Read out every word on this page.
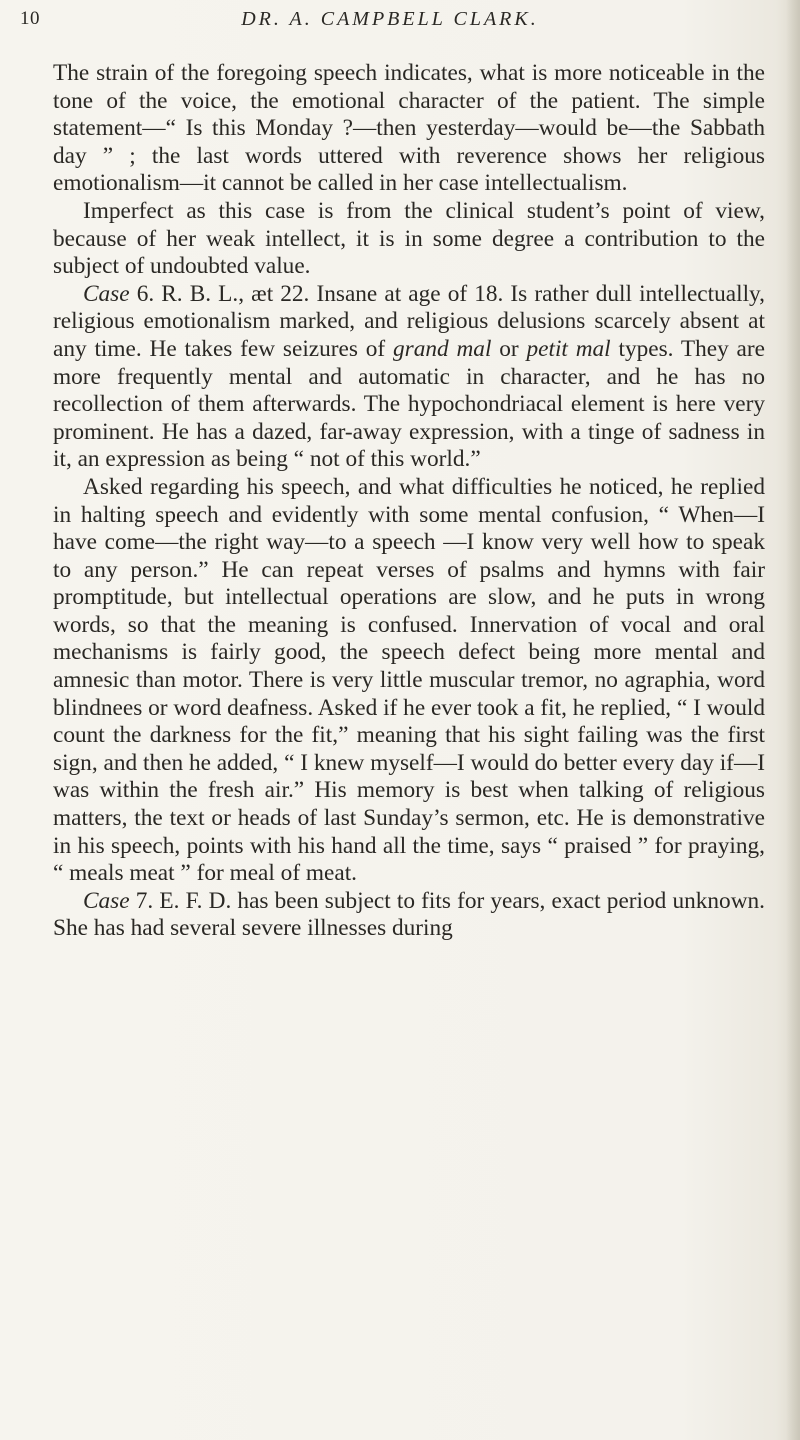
10	DR. A. CAMPBELL CLARK.

The strain of the foregoing speech indicates, what is more noticeable in the tone of the voice, the emotional character of the patient. The simple statement—“ Is this Monday ?—then yesterday—would be—the Sabbath day ” ; the last words uttered with reverence shows her religious emotionalism—it cannot be called in her case intellectualism.

Imperfect as this case is from the clinical student’s point of view, because of her weak intellect, it is in some degree a contribution to the subject of undoubted value.

Case 6. R. B. L., æt 22. Insane at age of 18. Is rather dull intellectually, religious emotionalism marked, and religious delusions scarcely absent at any time. He takes few seizures of grand mal or petit mal types. They are more frequently mental and automatic in character, and he has no recollection of them afterwards. The hypochondriacal element is here very prominent. He has a dazed, far-away expression, with a tinge of sadness in it, an expression as being “ not of this world.”

Asked regarding his speech, and what difficulties he noticed, he replied in halting speech and evidently with some mental confusion, “ When—I have come—the right way—to a speech —I know very well how to speak to any person.” He can repeat verses of psalms and hymns with fair promptitude, but intellectual operations are slow, and he puts in wrong words, so that the meaning is confused. Innervation of vocal and oral mechanisms is fairly good, the speech defect being more mental and amnesic than motor. There is very little muscular tremor, no agraphia, word blindnees or word deafness. Asked if he ever took a fit, he replied, “ I would count the darkness for the fit,” meaning that his sight failing was the first sign, and then he added, “ I knew myself—I would do better every day if—I was within the fresh air.” His memory is best when talking of religious matters, the text or heads of last Sunday’s sermon, etc. He is demonstrative in his speech, points with his hand all the time, says “ praised ” for praying, “ meals meat ” for meal of meat.

Case 7. E. F. D. has been subject to fits for years, exact period unknown. She has had several severe illnesses during
